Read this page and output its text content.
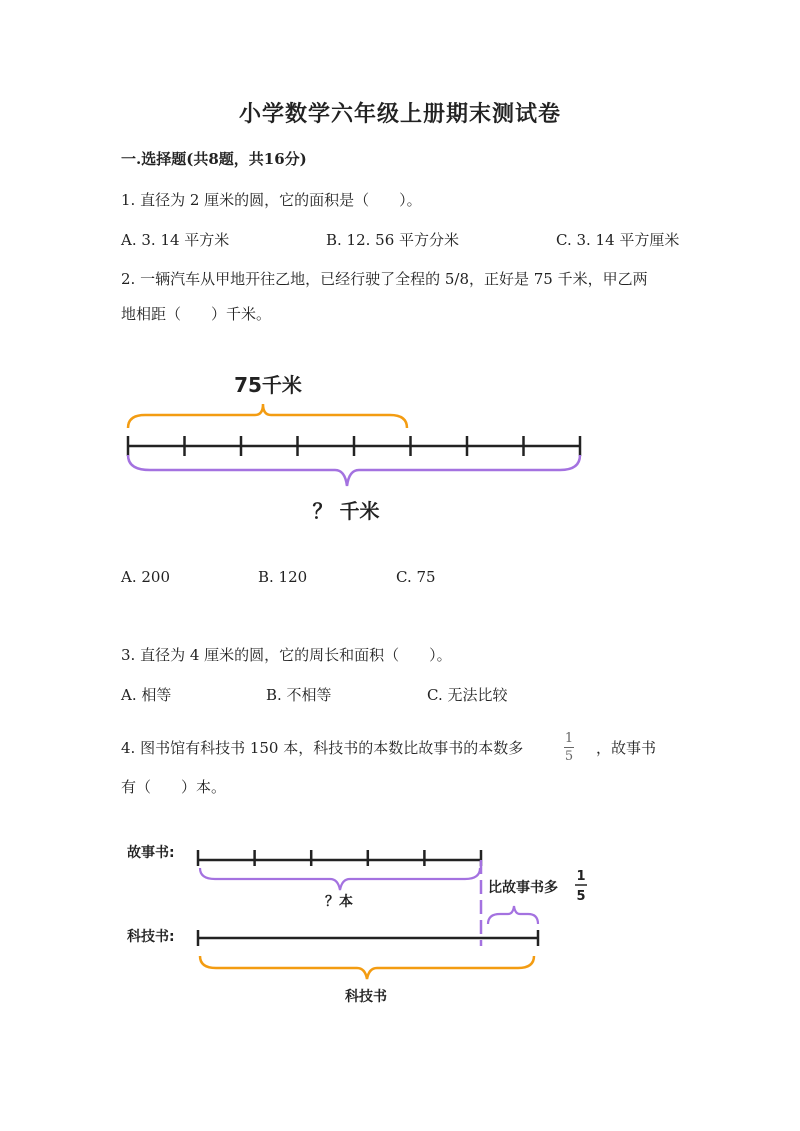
小学数学六年级上册期末测试卷
一.选择题(共8题，共16分)
1. 直径为 2 厘米的圆，它的面积是（　　）。
A. 3. 14 平方米	B. 12. 56 平方分米	C. 3. 14 平方厘米
2. 一辆汽车从甲地开往乙地，已经行驶了全程的 5/8，正好是 75 千米，甲乙两
地相距（　　）千米。
75千米
？ 千米
A. 200	B. 120	C. 75
3. 直径为 4 厘米的圆，它的周长和面积（　　）。
A. 相等	B. 不相等	C. 无法比较
4. 图书馆有科技书 150 本，科技书的本数比故事书的本数多
1
5 ，故事书
有（　　）本。
故事书:
？本
比故事书多
1
5
科技书:
科技书
